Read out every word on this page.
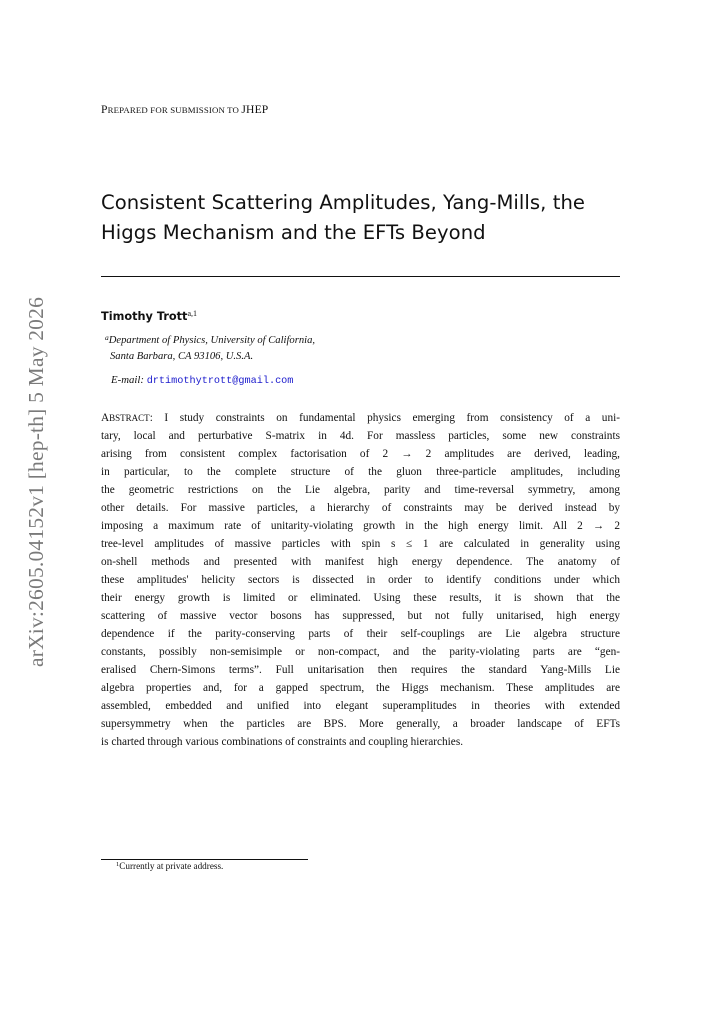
arXiv:2605.04152v1 [hep-th] 5 May 2026
PREPARED FOR SUBMISSION TO JHEP
Consistent Scattering Amplitudes, Yang-Mills, the Higgs Mechanism and the EFTs Beyond
Timothy Trott$^{a,1}$
$^a$Department of Physics, University of California,
Santa Barbara, CA 93106, U.S.A.
E-mail: drtimothytrott@gmail.com
ABSTRACT: I study constraints on fundamental physics emerging from consistency of a uni-
tary, local and perturbative S-matrix in 4d. For massless particles, some new constraints
arising from consistent complex factorisation of 2 → 2 amplitudes are derived, leading,
in particular, to the complete structure of the gluon three-particle amplitudes, including
the geometric restrictions on the Lie algebra, parity and time-reversal symmetry, among
other details. For massive particles, a hierarchy of constraints may be derived instead by
imposing a maximum rate of unitarity-violating growth in the high energy limit. All 2 → 2
tree-level amplitudes of massive particles with spin s ≤ 1 are calculated in generality using
on-shell methods and presented with manifest high energy dependence. The anatomy of
these amplitudes' helicity sectors is dissected in order to identify conditions under which
their energy growth is limited or eliminated. Using these results, it is shown that the
scattering of massive vector bosons has suppressed, but not fully unitarised, high energy
dependence if the parity-conserving parts of their self-couplings are Lie algebra structure
constants, possibly non-semisimple or non-compact, and the parity-violating parts are “gen-
eralised Chern-Simons terms”. Full unitarisation then requires the standard Yang-Mills Lie
algebra properties and, for a gapped spectrum, the Higgs mechanism. These amplitudes are
assembled, embedded and unified into elegant superamplitudes in theories with extended
supersymmetry when the particles are BPS. More generally, a broader landscape of EFTs
is charted through various combinations of constraints and coupling hierarchies.
$^1$Currently at private address.
